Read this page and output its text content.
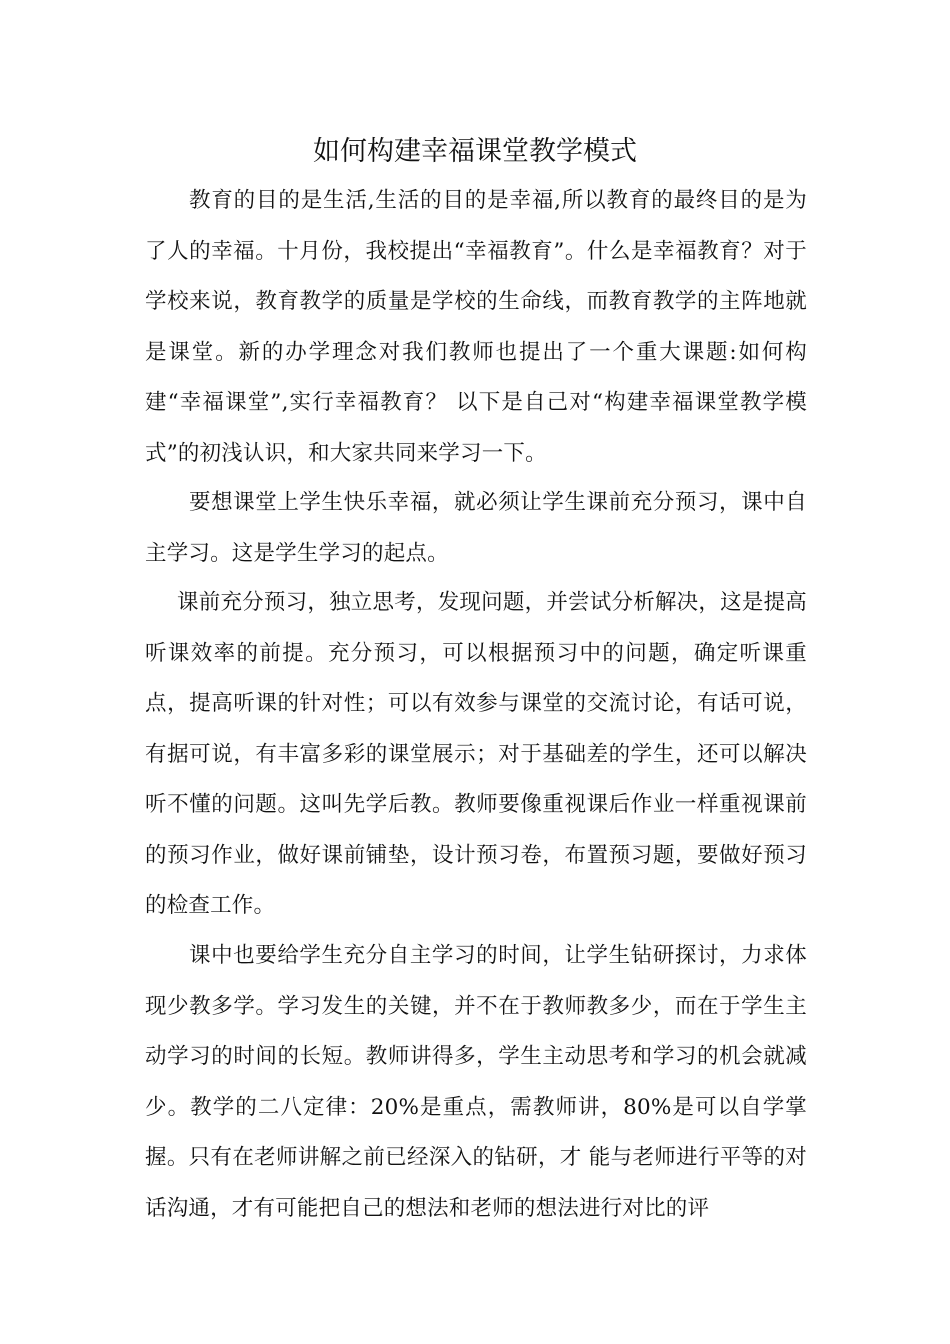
如何构建幸福课堂教学模式

教育的目的是生活,生活的目的是幸福,所以教育的最终目的是为了人的幸福。十月份，我校提出“幸福教育”。什么是幸福教育？对于学校来说，教育教学的质量是学校的生命线，而教育教学的主阵地就是课堂。新的办学理念对我们教师也提出了一个重大课题:如何构建“幸福课堂”,实行幸福教育？ 以下是自己对“构建幸福课堂教学模式”的初浅认识，和大家共同来学习一下。

要想课堂上学生快乐幸福，就必须让学生课前充分预习，课中自主学习。这是学生学习的起点。

课前充分预习，独立思考，发现问题，并尝试分析解决，这是提高听课效率的前提。充分预习，可以根据预习中的问题，确定听课重点，提高听课的针对性；可以有效参与课堂的交流讨论，有话可说，有据可说，有丰富多彩的课堂展示；对于基础差的学生，还可以解决听不懂的问题。这叫先学后教。教师要像重视课后作业一样重视课前的预习作业，做好课前铺垫，设计预习卷，布置预习题，要做好预习的检查工作。

课中也要给学生充分自主学习的时间，让学生钻研探讨，力求体现少教多学。学习发生的关键，并不在于教师教多少，而在于学生主动学习的时间的长短。教师讲得多，学生主动思考和学习的机会就减少。教学的二八定律：20%是重点，需教师讲，80%是可以自学掌握。只有在老师讲解之前已经深入的钻研，才 能与老师进行平等的对话沟通，才有可能把自己的想法和老师的想法进行对比的评
